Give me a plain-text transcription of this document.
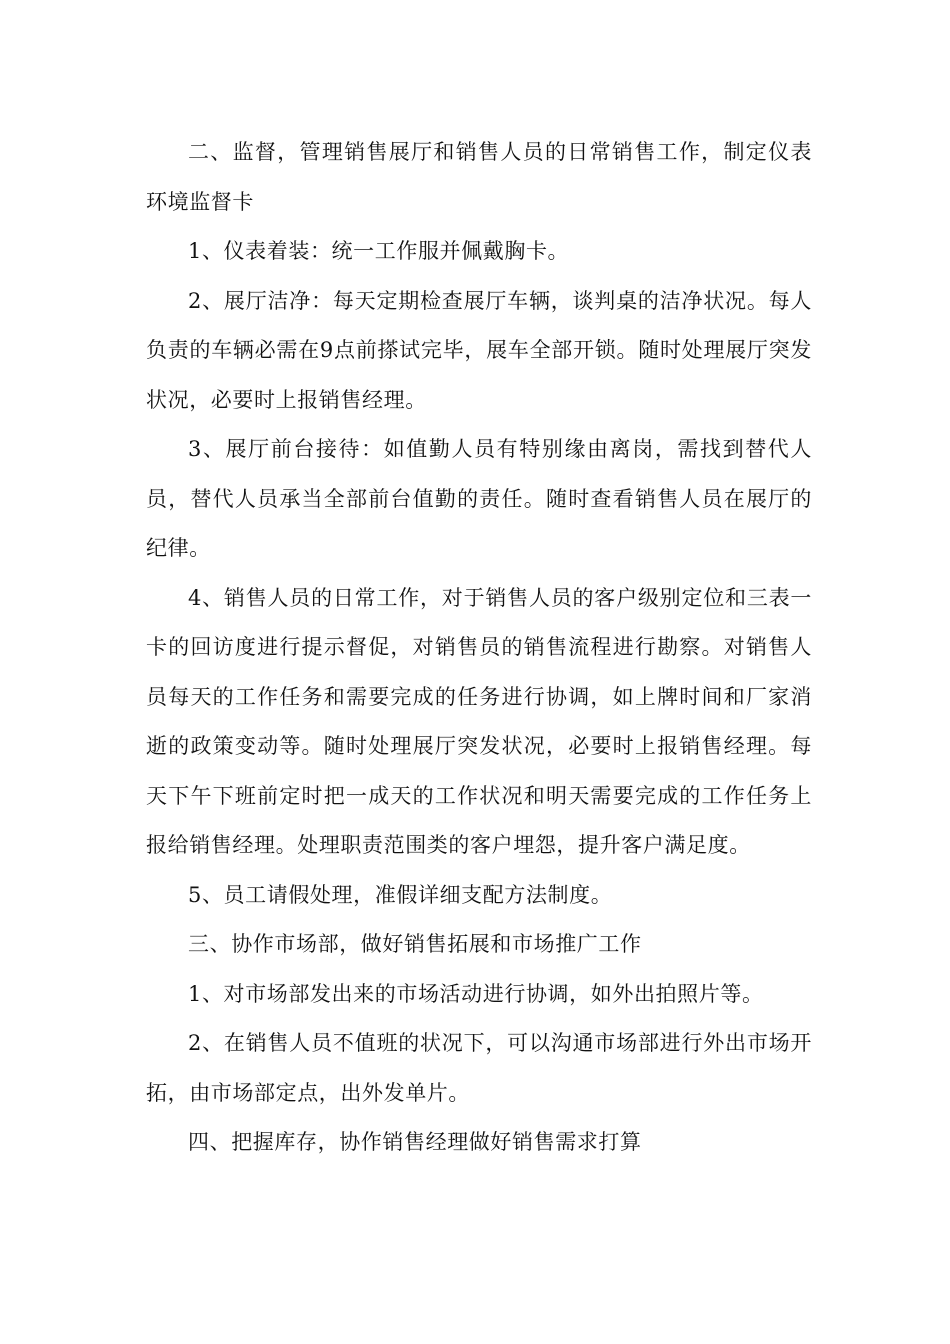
二、监督，管理销售展厅和销售人员的日常销售工作，制定仪表环境监督卡

1、仪表着装：统一工作服并佩戴胸卡。

2、展厅洁净：每天定期检查展厅车辆，谈判桌的洁净状况。每人负责的车辆必需在9点前搽试完毕，展车全部开锁。随时处理展厅突发状况，必要时上报销售经理。

3、展厅前台接待：如值勤人员有特别缘由离岗，需找到替代人员，替代人员承当全部前台值勤的责任。随时查看销售人员在展厅的纪律。

4、销售人员的日常工作，对于销售人员的客户级别定位和三表一卡的回访度进行提示督促，对销售员的销售流程进行勘察。对销售人员每天的工作任务和需要完成的任务进行协调，如上牌时间和厂家消逝的政策变动等。随时处理展厅突发状况，必要时上报销售经理。每天下午下班前定时把一成天的工作状况和明天需要完成的工作任务上报给销售经理。处理职责范围类的客户埋怨，提升客户满足度。

5、员工请假处理，准假详细支配方法制度。

三、协作市场部，做好销售拓展和市场推广工作

1、对市场部发出来的市场活动进行协调，如外出拍照片等。

2、在销售人员不值班的状况下，可以沟通市场部进行外出市场开拓，由市场部定点，出外发单片。

四、把握库存，协作销售经理做好销售需求打算
